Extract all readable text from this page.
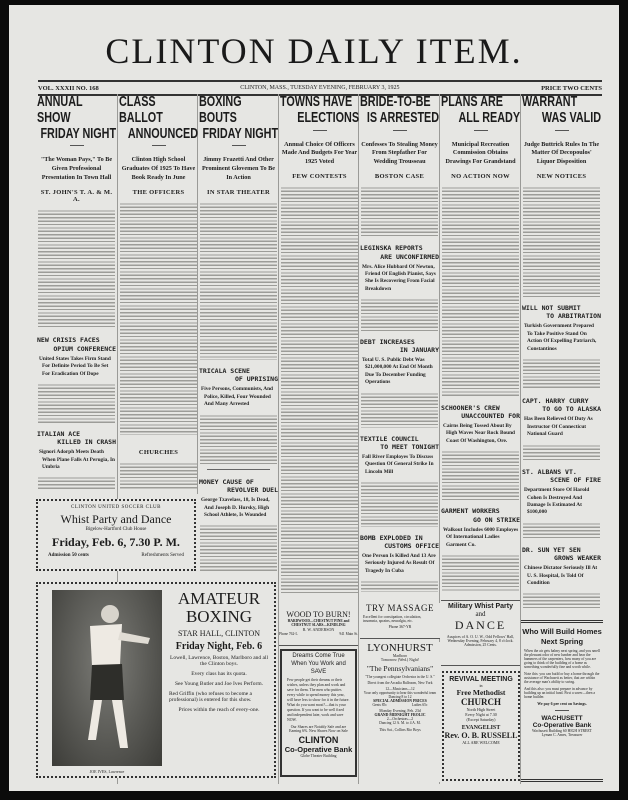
CLINTON DAILY ITEM.
VOL. XXXII NO. 168	CLINTON, MASS., TUESDAY EVENING, FEBRUARY 3, 1925	PRICE TWO CENTS
ANNUAL SHOW
FRIDAY NIGHT
"The Woman Pays," To Be Given Professional Presentation In Town Hall
ST. JOHN'S T. A. & M. A.
NEW CRISIS FACES
OPIUM CONFERENCE
United States Takes Firm Stand For Definite Period To Be Set For Eradication Of Dope
ITALIAN ACE
KILLED IN CRASH
Signori Adorph Meets Death When Plane Falls At Perugia, In Umbria
CLASS BALLOT
ANNOUNCED
Clinton High School Graduates Of 1925 To Have Book Ready In June
THE OFFICERS
CHURCHES
BOXING BOUTS
FRIDAY NIGHT
Jimmy Frazetti And Other Prominent Glovemen To Be In Action
IN STAR THEATER
TRICALA SCENE
OF UPRISING
Five Persons, Communists, And Police, Killed, Four Wounded And Many Arrested
MONEY CAUSE OF
REVOLVER DUEL
George Tzavelass, 18, Is Dead, And Joseph D. Hursky, High School Athlete, Is Wounded
TOWNS HAVE
ELECTIONS
Annual Choice Of Officers Made And Budgets For Year 1925 Voted
FEW CONTESTS
BRIDE-TO-BE
IS ARRESTED
Confesses To Stealing Money From Stepfather For Wedding Trousseau
BOSTON CASE
LEGINSKA REPORTS
ARE UNCONFIRMED
Mrs. Alice Hubbard Of Newton, Friend Of English Pianist, Says She Is Recovering From Facial Breakdown
DEBT INCREASES
IN JANUARY
Total U. S. Public Debt Was $21,000,000 At End Of Month Due To December Funding Operations
TEXTILE COUNCIL
TO MEET TONIGHT
Fall River Employes To Discuss Question Of General Strike In Lincoln Mill
BOMB EXPLODED IN
CUSTOMS OFFICE
One Person Is Killed And 13 Are Seriously Injured As Result Of Tragedy In Cuba
PLANS ARE
ALL READY
Municipal Recreation Commission Obtains Drawings For Grandstand
NO ACTION NOW
SCHOONER'S CREW
UNACCOUNTED FOR
Cairns Being Tossed About By High Waves Near Rock Bound Coast Of Washington, Ore.
GARMENT WORKERS
GO ON STRIKE
Walkout Includes 6000 Employes Of International Ladies Garment Co.
WARRANT
WAS VALID
Judge Buttrick Rules In The Matter Of Decopoulos' Liquor Disposition
NEW NOTICES
WILL NOT SUBMIT
TO ARBITRATION
Turkish Government Prepared To Take Positive Stand On Action Of Expelling Patriarch, Constantinos
CAPT. HARRY CURRY
TO GO TO ALASKA
Has Been Relieved Of Duty As Instructor Of Connecticut National Guard
ST. ALBANS VT.
SCENE OF FIRE
Department Store Of Harold Cohen Is Destroyed And Damage Is Estimated At $100,000
DR. SUN YET SEN
GROWS WEAKER
Chinese Dictator Seriously Ill At U. S. Hospital, Is Told Of Condition
CLINTON UNITED SOCCER CLUB
Whist Party and Dance
Bigelow-Hartford Club House
Friday, Feb. 6, 7.30 P. M.
Admission 50 cents	Refreshments Served
JOE IVES, Lawrence
AMATEUR
BOXING
STAR HALL, CLINTON
Friday Night, Feb. 6

Lowell, Lawrence, Boston, Marlboro and all the Clinton boys.

Every class has its quota.

See Young Butler and Joe Ives Perform.

Red Griffin (who refuses to become a professional) is entered for this show.

Prices within the reach of every-one.

WOOD TO BURN!
HARDWOOD—CHESTNUT PINE and CHESTNUT SLABS—KINDLING
R. W. ANDERSON
Phone 762-L	941 Main St.
Dreams Come True When You Work and SAVE

Few people get their dreams or their wishes, unless they plan and work and save for them. The men who putties every while to spend money this year, will have less to show for it in the future. What do you want most?—that is your question. If you want to be well fixed and independent later, work and save NOW.

Our Shares are Notably Safe and are Earning 6%. New Shares Now on Sale

CLINTON
Co-Operative Bank
Globe Theater Building
TRY MASSAGE

Excellent for constipation, circulation, insomnia, sprains, neuralgia, etc.

Phone 367-YR
LYONHURST
Marlboro
Tomorrow (Wed.) Night!
"The Pennsylvanians"
"The youngest collegiate Orchestra in the U. S."
Direct from the Arcadia Ballroom, New York
12—Musicians—12
Your only opportunity to hear this wonderful team
Dancing 8 to 12
SPECIAL ADMISSION PRICES
Gents 85c	Ladies 65c
Monday Evening, Feb. 23d
GRAND MIDNIGHT FROLIC
2—Orchestras—2
Dancing 12 A. M. to 4 A. M.
This Sat., Collins Rio Boys
Military Whist Party
and
DANCE

Auspices of A. O. U. W., Odd Fellows' Hall, Wednesday Evening, February 4, 8 o'clock. Admission, 25 Cents.

REVIVAL MEETING
in
Free Methodist
CHURCH
North High Street
Every Night at 7.30
(Except Saturday)
EVANGELIST
Rev. O. B. RUSSELL
ALL ARE WELCOME
Who Will Build Homes Next Spring

When the air gets balmy next spring, and you smell the pleasant odor of new lumber and hear the hammers of the carpenters, how many of you are going to think of the building of a home as something wonderfully fine and worth while.

Note this: you can build or buy a home through the assistance of Wachusett as better, that are within the average man's ability to swing.

And this also: you must prepare in advance by building up an initial fund. First a saver—then a home builder.

We pay 6 per cent on Savings.

WACHUSETT
Co-Operative Bank
Wachusett Building 60 HIGH STREET
Lyman C. Ames, Treasurer
